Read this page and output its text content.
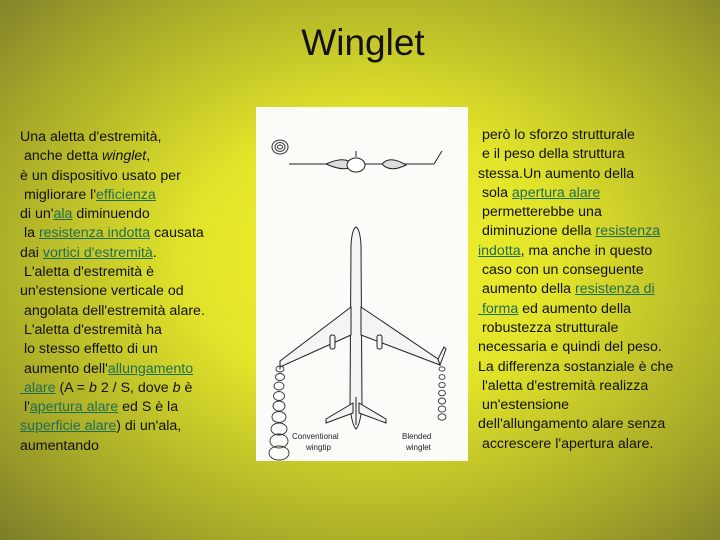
Winglet
Una aletta d'estremità,
anche detta winglet,
è un dispositivo usato per
migliorare l'efficienza
di un'ala diminuendo
la resistenza indotta causata
dai vortici d'estremità.
L'aletta d'estremità è
un'estensione verticale od
angolata dell'estremità alare.
L'aletta d'estremità ha
lo stesso effetto di un
aumento dell'allungamento
alare (A = b 2 / S, dove b è
l'apertura alare ed S è la
superficie alare) di un'ala,
aumentando
però lo sforzo strutturale
e il peso della struttura
stessa.Un aumento della
sola apertura alare
permetterebbe una
diminuzione della resistenza
indotta, ma anche in questo
caso con un conseguente
aumento della resistenza di
forma ed aumento della
robustezza strutturale
necessaria e quindi del peso.
La differenza sostanziale è che
l'aletta d'estremità realizza
un'estensione
dell'allungamento alare senza
accrescere l'apertura alare.
Conventional
wingtip
Blended
winglet
